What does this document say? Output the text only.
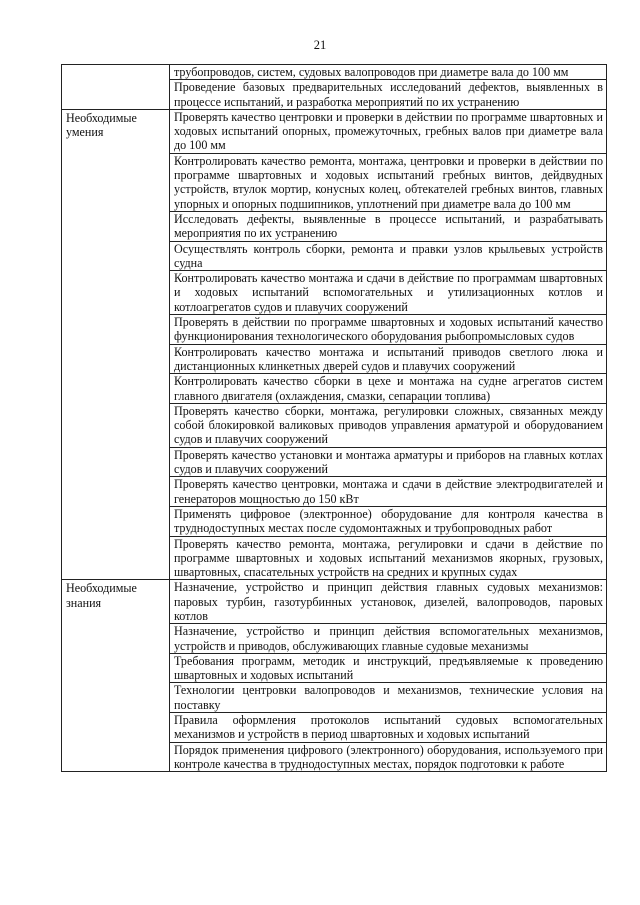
21
	трубопроводов, систем, судовых валопроводов при диаметре вала до 100 мм
	Проведение базовых предварительных исследований дефектов, выявленных в процессе испытаний, и разработка мероприятий по их устранению
Необходимые умения	Проверять качество центровки и проверки в действии по программе швартовных и ходовых испытаний опорных, промежуточных, гребных валов при диаметре вала до 100 мм
	Контролировать качество ремонта, монтажа, центровки и проверки в действии по программе швартовных и ходовых испытаний гребных винтов, дейдвудных устройств, втулок мортир, конусных колец, обтекателей гребных винтов, главных упорных и опорных подшипников, уплотнений при диаметре вала до 100 мм
	Исследовать дефекты, выявленные в процессе испытаний, и разрабатывать мероприятия по их устранению
	Осуществлять контроль сборки, ремонта и правки узлов крыльевых устройств судна
	Контролировать качество монтажа и сдачи в действие по программам швартовных и ходовых испытаний вспомогательных и утилизационных котлов и котлоагрегатов судов и плавучих сооружений
	Проверять в действии по программе швартовных и ходовых испытаний качество функционирования технологического оборудования рыбопромысловых судов
	Контролировать качество монтажа и испытаний приводов светлого люка и дистанционных клинкетных дверей судов и плавучих сооружений
	Контролировать качество сборки в цехе и монтажа на судне агрегатов систем главного двигателя (охлаждения, смазки, сепарации топлива)
	Проверять качество сборки, монтажа, регулировки сложных, связанных между собой блокировкой валиковых приводов управления арматурой и оборудованием судов и плавучих сооружений
	Проверять качество установки и монтажа арматуры и приборов на главных котлах судов и плавучих сооружений
	Проверять качество центровки, монтажа и сдачи в действие электродвигателей и генераторов мощностью до 150 кВт
	Применять цифровое (электронное) оборудование для контроля качества в труднодоступных местах после судомонтажных и трубопроводных работ
	Проверять качество ремонта, монтажа, регулировки и сдачи в действие по программе швартовных и ходовых испытаний механизмов якорных, грузовых, швартовных, спасательных устройств на средних и крупных судах
Необходимые знания	Назначение, устройство и принцип действия главных судовых механизмов: паровых турбин, газотурбинных установок, дизелей, валопроводов, паровых котлов
	Назначение, устройство и принцип действия вспомогательных механизмов, устройств и приводов, обслуживающих главные судовые механизмы
	Требования программ, методик и инструкций, предъявляемые к проведению швартовных и ходовых испытаний
	Технологии центровки валопроводов и механизмов, технические условия на поставку
	Правила оформления протоколов испытаний судовых вспомогательных механизмов и устройств в период швартовных и ходовых испытаний
	Порядок применения цифрового (электронного) оборудования, используемого при контроле качества в труднодоступных местах, порядок подготовки к работе
